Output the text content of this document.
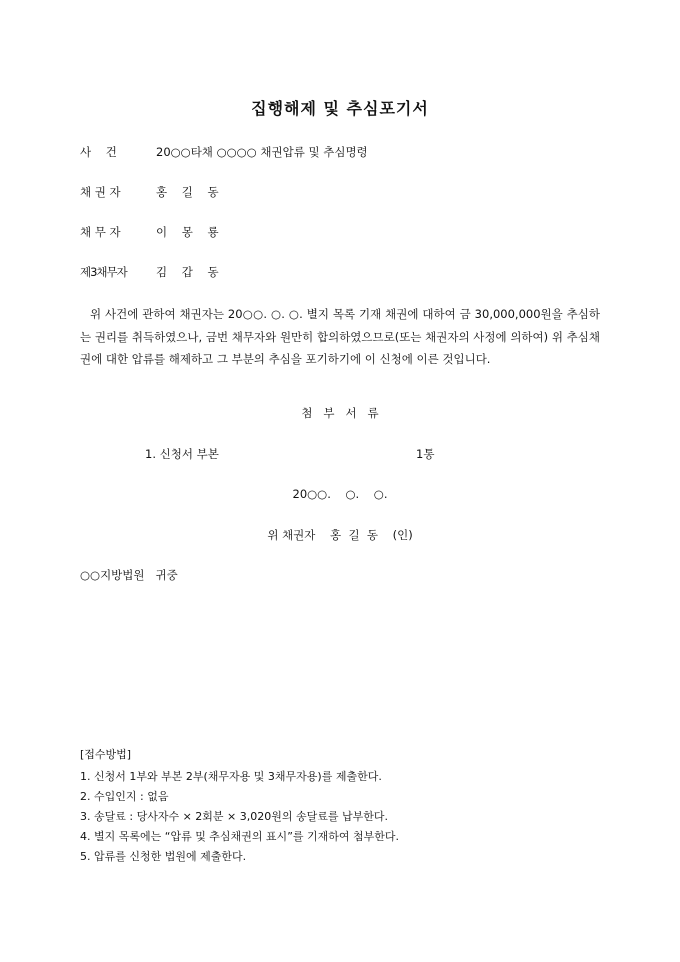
집행해제 및 추심포기서
사    건	20○○타채 ○○○○ 채권압류 및 추심명령
채 권 자	홍    길    동
채 무 자	이    몽    룡
제3채무자	김    갑    동
위 사건에 관하여 채권자는 20○○. ○. ○. 별지 목록 기재 채권에 대하여 금 30,000,000원을 추심하는 권리를 취득하였으나, 금번 채무자와 원만히 합의하였으므로(또는 채권자의 사정에 의하여) 위 추심채권에 대한 압류를 해제하고 그 부분의 추심을 포기하기에 이 신청에 이른 것입니다.
첨   부   서   류
1. 신청서 부본	1통
20○○.    ○.    ○.
위 채권자    홍  길  동    (인)
○○지방법원   귀중
[접수방법]
1. 신청서 1부와 부본 2부(채무자용 및 3채무자용)를 제출한다.
2. 수입인지 : 없음
3. 송달료 : 당사자수 × 2회분 × 3,020원의 송달료를 납부한다.
4. 별지 목록에는 “압류 및 추심채권의 표시”를 기재하여 첨부한다.
5. 압류를 신청한 법원에 제출한다.
